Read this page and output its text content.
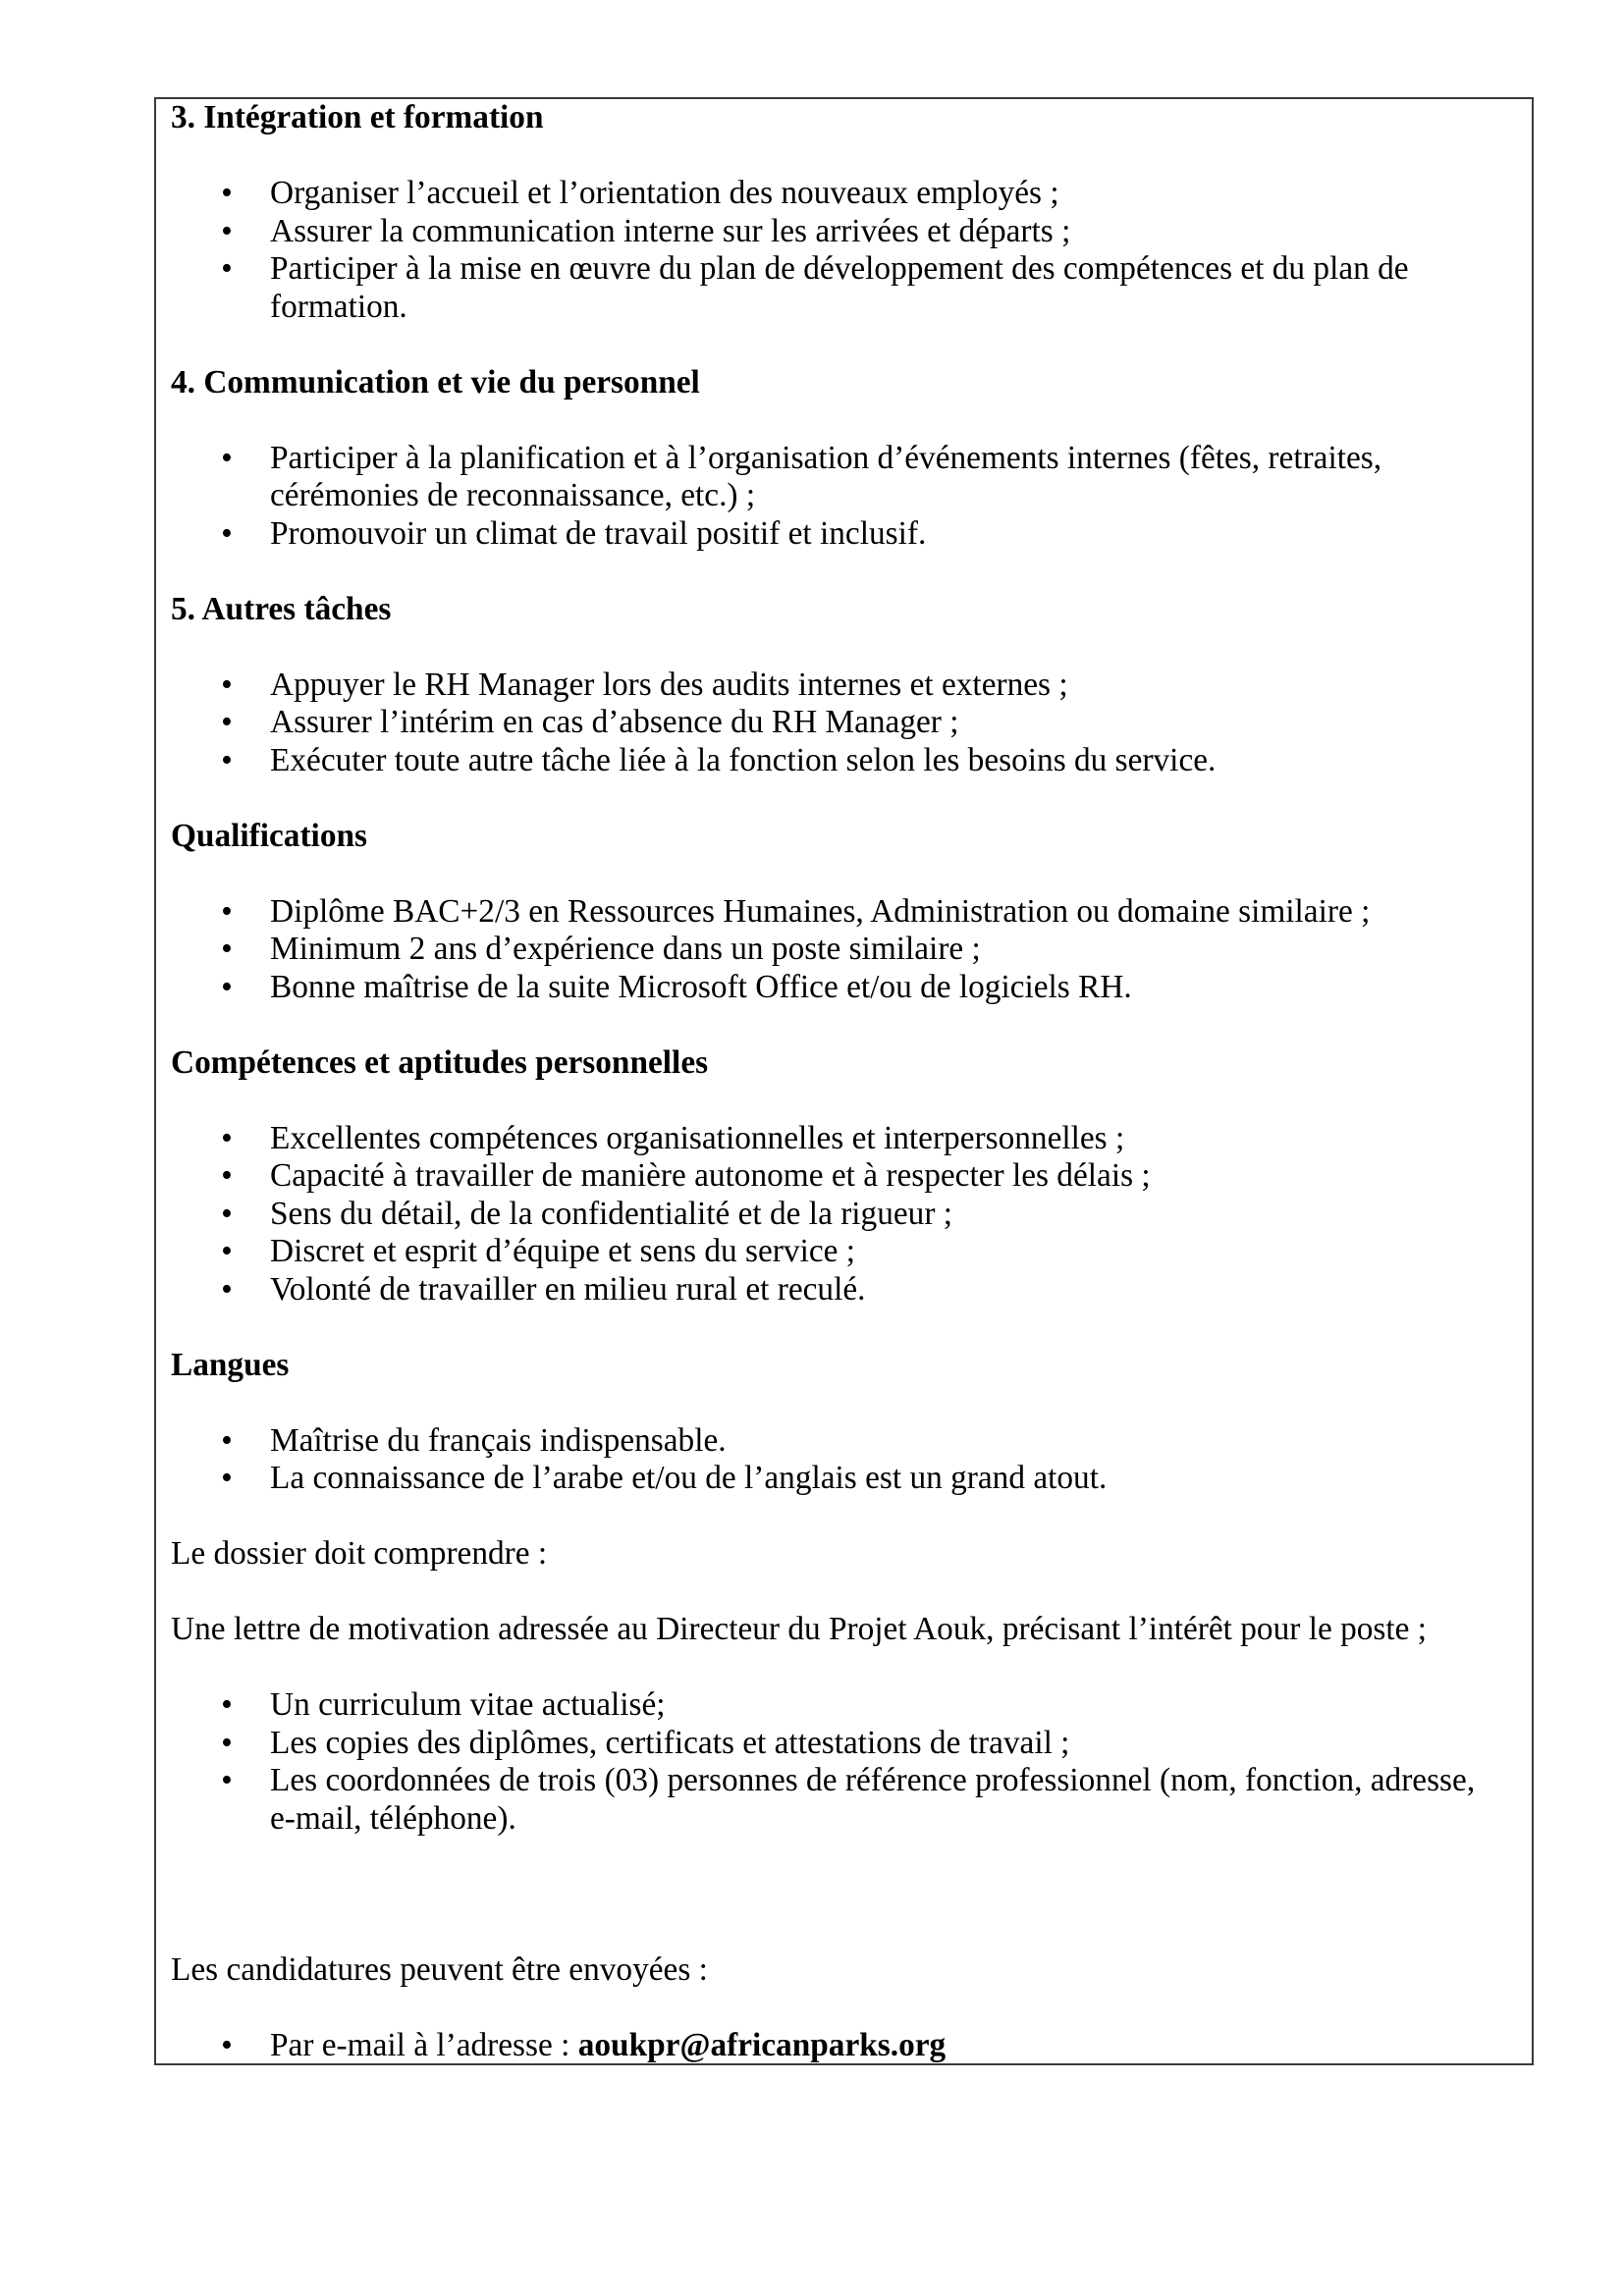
3. Intégration et formation
• Organiser l’accueil et l’orientation des nouveaux employés ;
• Assurer la communication interne sur les arrivées et départs ;
• Participer à la mise en œuvre du plan de développement des compétences et du plan de formation.
4. Communication et vie du personnel
• Participer à la planification et à l’organisation d’événements internes (fêtes, retraites, cérémonies de reconnaissance, etc.) ;
• Promouvoir un climat de travail positif et inclusif.
5. Autres tâches
• Appuyer le RH Manager lors des audits internes et externes ;
• Assurer l’intérim en cas d’absence du RH Manager ;
• Exécuter toute autre tâche liée à la fonction selon les besoins du service.
Qualifications
• Diplôme BAC+2/3 en Ressources Humaines, Administration ou domaine similaire ;
• Minimum 2 ans d’expérience dans un poste similaire ;
• Bonne maîtrise de la suite Microsoft Office et/ou de logiciels RH.
Compétences et aptitudes personnelles
• Excellentes compétences organisationnelles et interpersonnelles ;
• Capacité à travailler de manière autonome et à respecter les délais ;
• Sens du détail, de la confidentialité et de la rigueur ;
• Discret et esprit d’équipe et sens du service ;
• Volonté de travailler en milieu rural et reculé.
Langues
• Maîtrise du français indispensable.
• La connaissance de l’arabe et/ou de l’anglais est un grand atout.
Le dossier doit comprendre :
Une lettre de motivation adressée au Directeur du Projet Aouk, précisant l’intérêt pour le poste ;
• Un curriculum vitae actualisé;
• Les copies des diplômes, certificats et attestations de travail ;
• Les coordonnées de trois (03) personnes de référence professionnel (nom, fonction, adresse, e-mail, téléphone).
Les candidatures peuvent être envoyées :
• Par e-mail à l’adresse : aoukpr@africanparks.org
